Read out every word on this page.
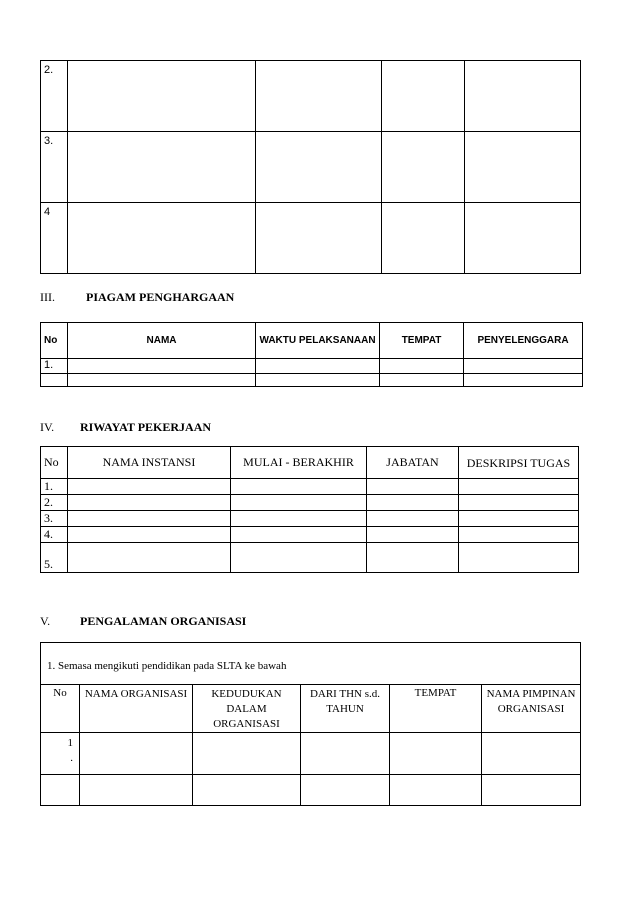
2.				
3.				
4				
III.	PIAGAM PENGHARGAAN
No	NAMA	WAKTU PELAKSANAAN	TEMPAT	PENYELENGGARA
1.				

IV. RIWAYAT PEKERJAAN
No	NAMA INSTANSI	MULAI - BERAKHIR	JABATAN	DESKRIPSI TUGAS
1.				
2.				
3.				
4.				
5.				
V. PENGALAMAN ORGANISASI
1. Semasa mengikuti pendidikan pada SLTA ke bawah					
No	NAMA ORGANISASI	KEDUDUKAN DALAM ORGANISASI	DARI THN s.d. TAHUN	TEMPAT	NAMA PIMPINAN ORGANISASI
1
.					
